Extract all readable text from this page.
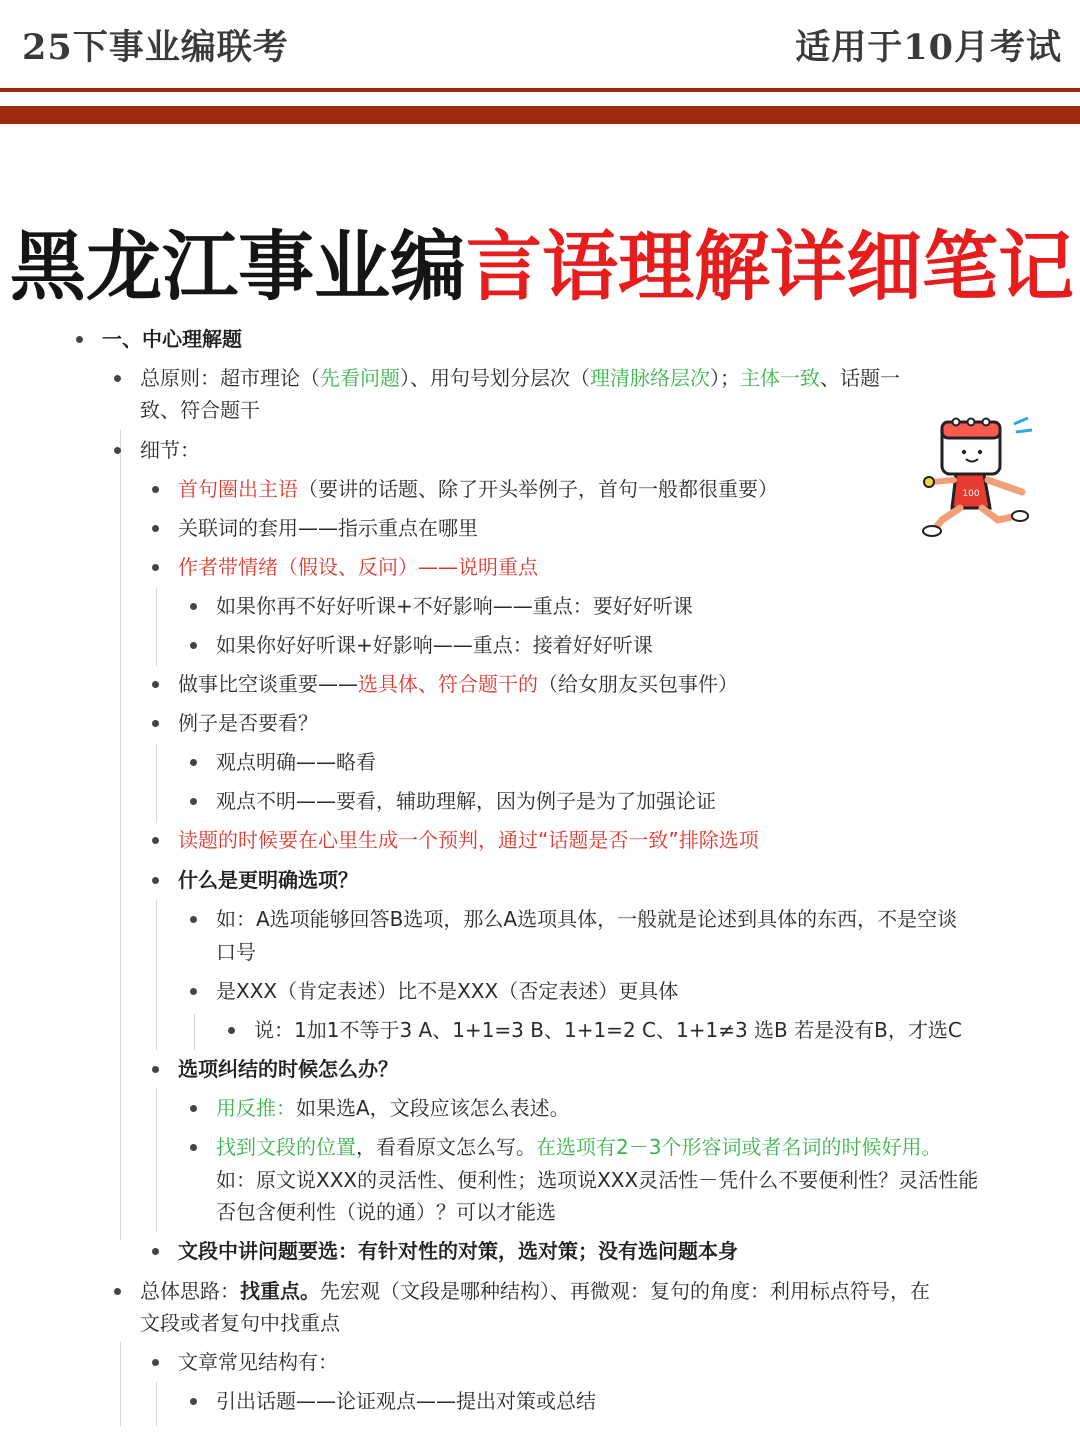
25下事业编联考	适用于10月考试
黑龙江事业编言语理解详细笔记
100
一、中心理解题
总原则：超市理论（先看问题）、用句号划分层次（理清脉络层次）；主体一致、话题一
致、符合题干
细节：
首句圈出主语（要讲的话题、除了开头举例子，首句一般都很重要）
关联词的套用——指示重点在哪里
作者带情绪（假设、反问）——说明重点
如果你再不好好听课+不好影响——重点：要好好听课
如果你好好听课+好影响——重点：接着好好听课
做事比空谈重要——选具体、符合题干的（给女朋友买包事件）
例子是否要看？
观点明确——略看
观点不明——要看，辅助理解，因为例子是为了加强论证
读题的时候要在心里生成一个预判，通过“话题是否一致”排除选项
什么是更明确选项？
如：A选项能够回答B选项，那么A选项具体，一般就是论述到具体的东西，不是空谈
口号
是XXX（肯定表述）比不是XXX（否定表述）更具体
说：1加1不等于3 A、1+1=3 B、1+1=2 C、1+1≠3 选B 若是没有B，才选C
选项纠结的时候怎么办？
用反推：如果选A，文段应该怎么表述。
找到文段的位置，看看原文怎么写。在选项有2－3个形容词或者名词的时候好用。
如：原文说XXX的灵活性、便利性；选项说XXX灵活性－凭什么不要便利性？灵活性能
否包含便利性（说的通）？可以才能选
文段中讲问题要选：有针对性的对策，选对策；没有选问题本身
总体思路：找重点。先宏观（文段是哪种结构）、再微观：复句的角度：利用标点符号，在
文段或者复句中找重点
文章常见结构有：
引出话题——论证观点——提出对策或总结
